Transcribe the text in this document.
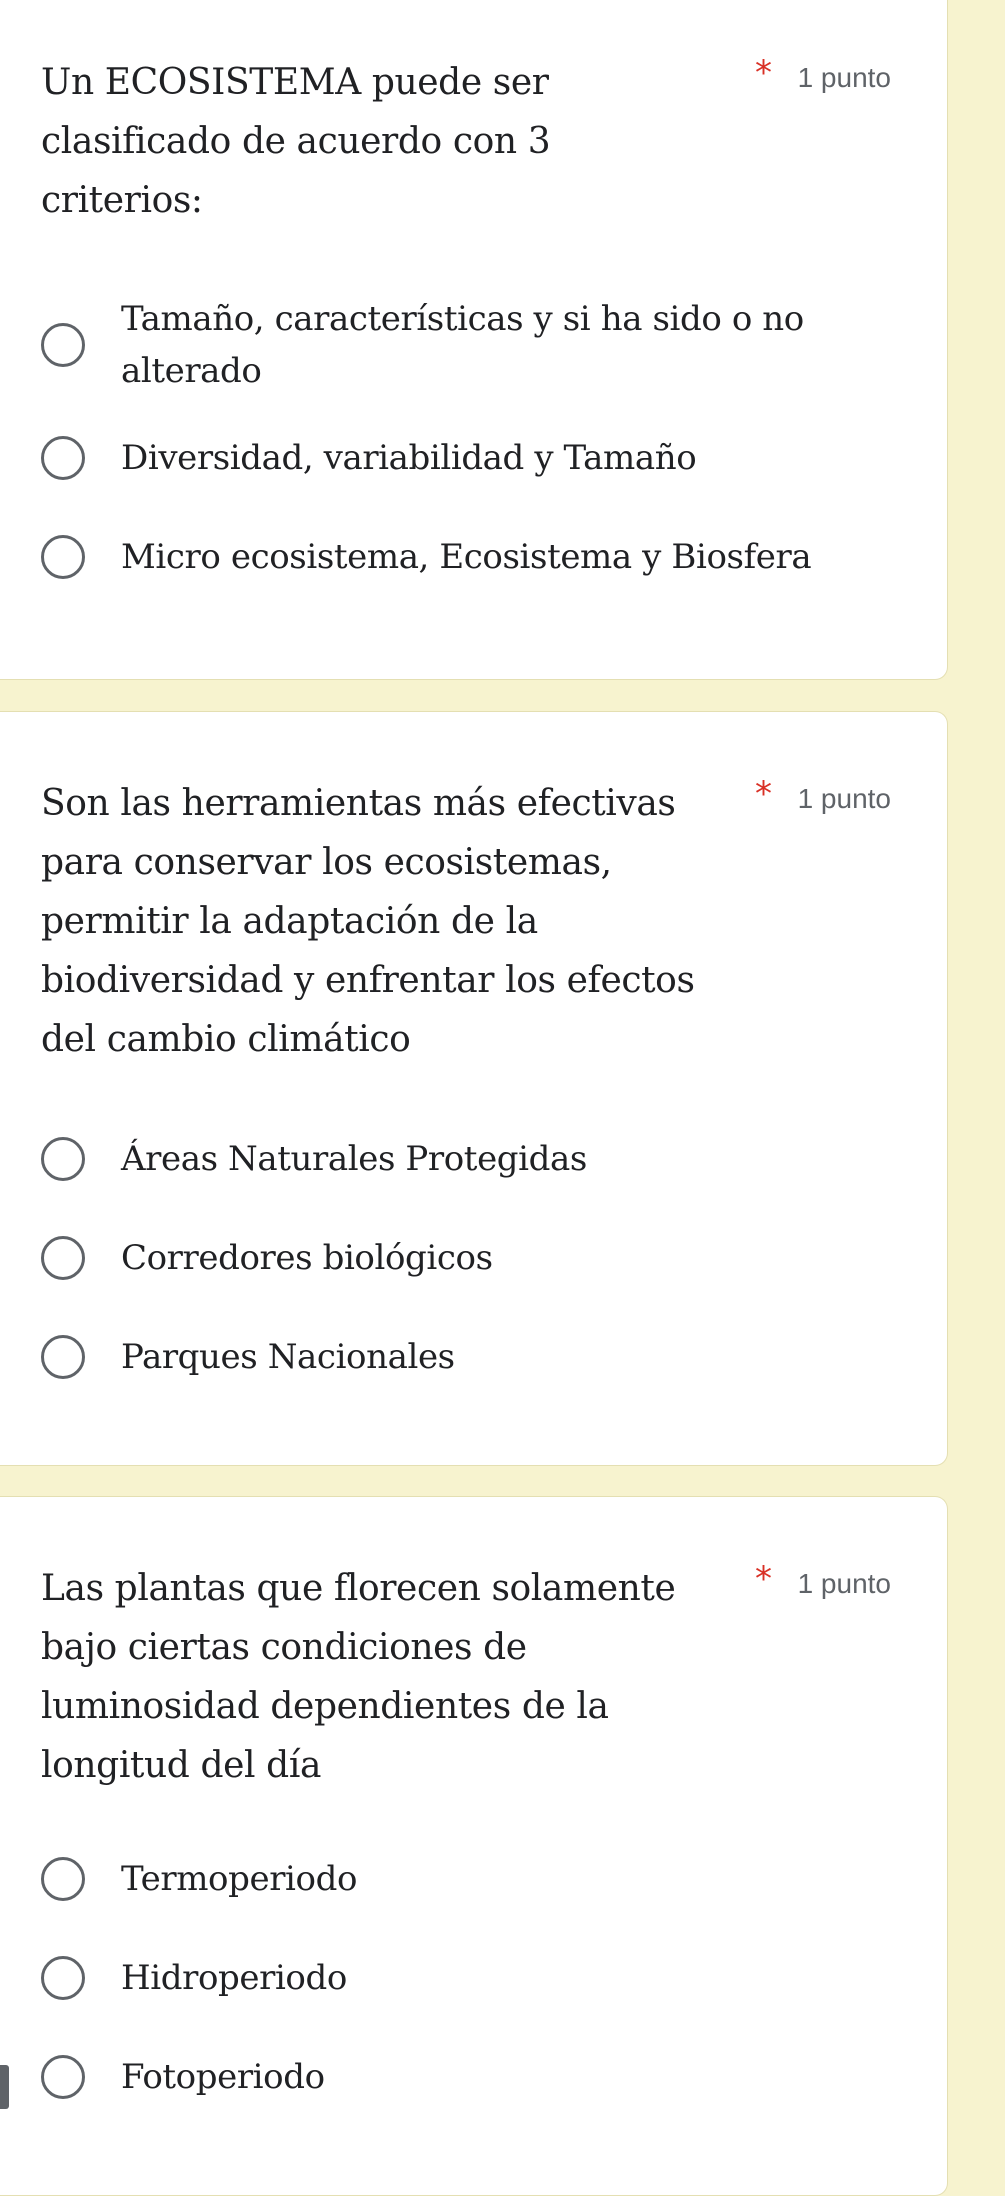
Un ECOSISTEMA puede ser clasificado de acuerdo con 3 criterios:

* 1 punto
Tamaño, características y si ha sido o no alterado
Diversidad, variabilidad y Tamaño
Micro ecosistema, Ecosistema y Biosfera

Son las herramientas más efectivas para conservar los ecosistemas, permitir la adaptación de la biodiversidad y enfrentar los efectos del cambio climático

* 1 punto
Áreas Naturales Protegidas
Corredores biológicos
Parques Nacionales

Las plantas que florecen solamente bajo ciertas condiciones de luminosidad dependientes de la longitud del día

* 1 punto
Termoperiodo
Hidroperiodo
Fotoperiodo
